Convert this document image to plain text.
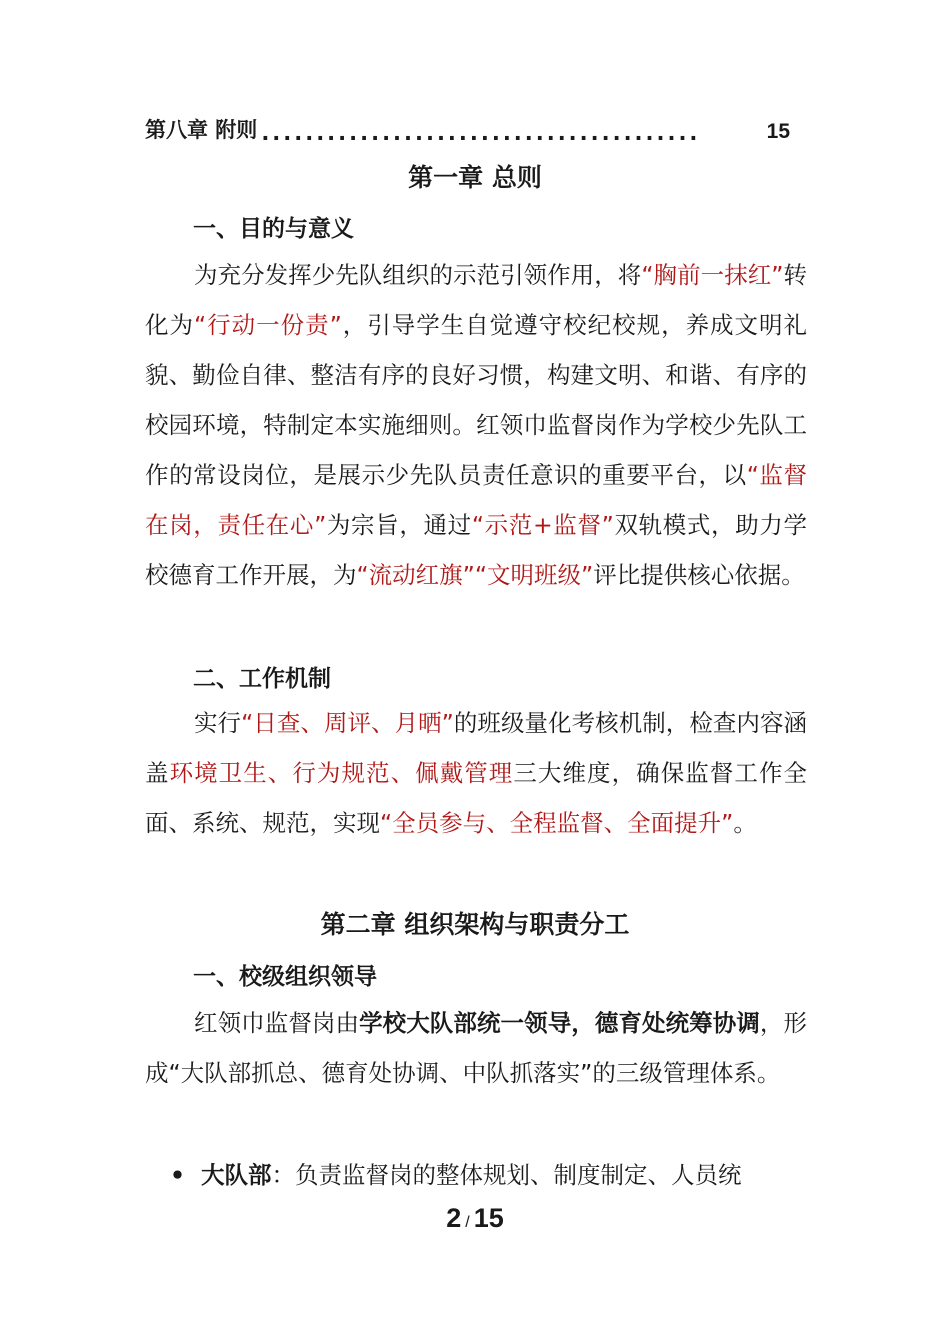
第八章 附则 ........................................	15
第一章 总则
一、目的与意义
为充分发挥少先队组织的示范引领作用，将“胸前一抹红”转化为“行动一份责”，引导学生自觉遵守校纪校规，养成文明礼貌、勤俭自律、整洁有序的良好习惯，构建文明、和谐、有序的校园环境，特制定本实施细则。红领巾监督岗作为学校少先队工作的常设岗位，是展示少先队员责任意识的重要平台，以“监督在岗，责任在心”为宗旨，通过“示范+监督”双轨模式，助力学校德育工作开展，为“流动红旗”“文明班级”评比提供核心依据。
二、工作机制
实行“日查、周评、月晒”的班级量化考核机制，检查内容涵盖环境卫生、行为规范、佩戴管理三大维度，确保监督工作全面、系统、规范，实现“全员参与、全程监督、全面提升”。
第二章 组织架构与职责分工
一、校级组织领导
红领巾监督岗由学校大队部统一领导，德育处统筹协调，形成“大队部抓总、德育处协调、中队抓落实”的三级管理体系。
• 大队部：负责监督岗的整体规划、制度制定、人员统
2 / 15
